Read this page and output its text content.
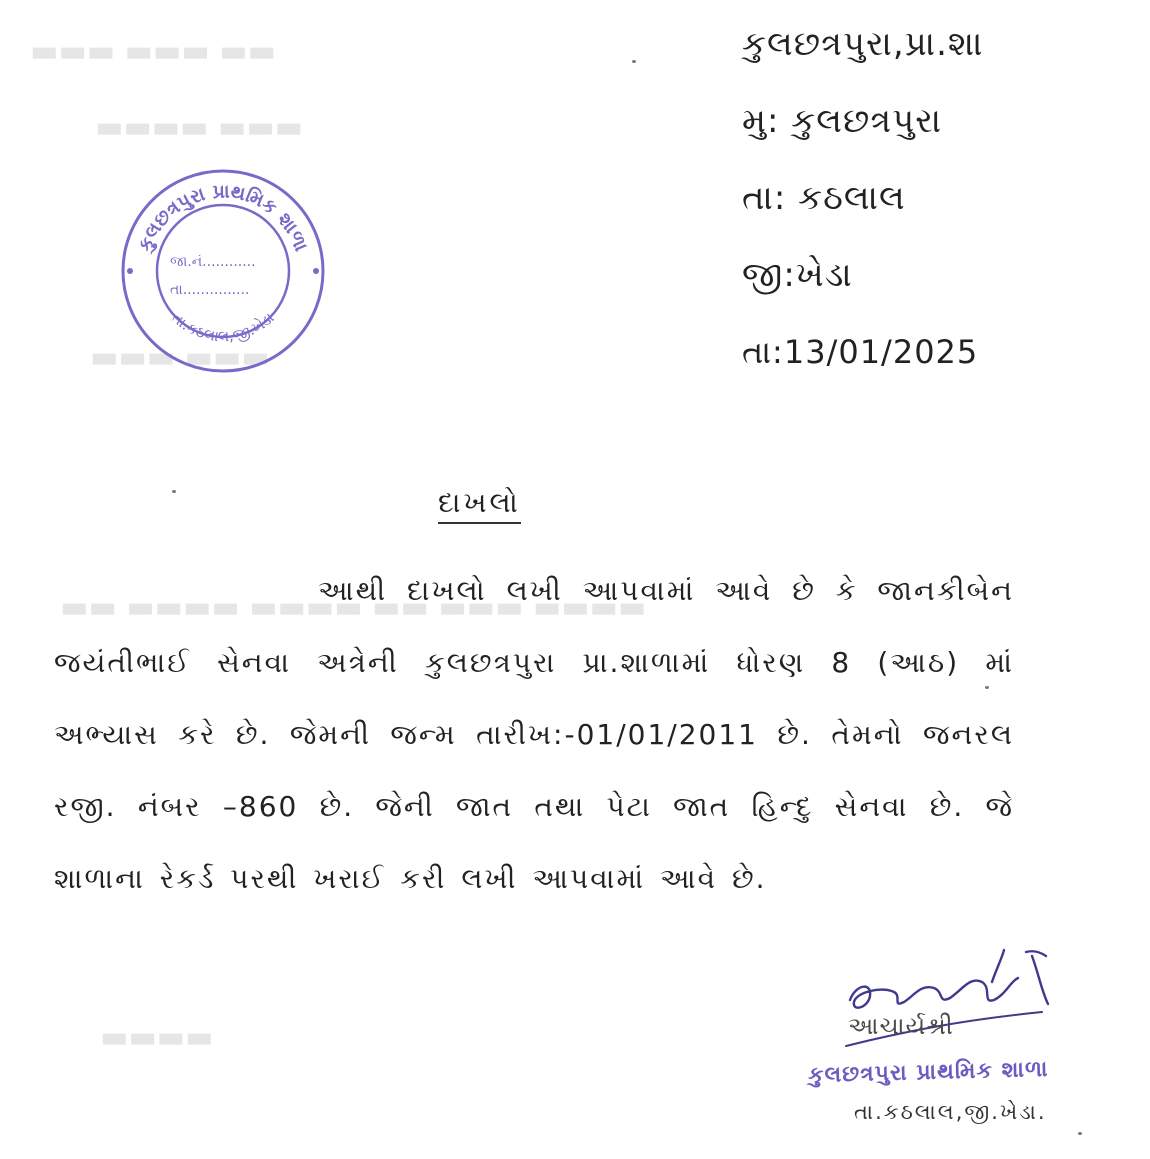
▬▬ ▬▬▬ ▬▬▬
▬▬▬ ▬▬▬▬
▬▬▬ ▬▬▬
▬▬▬▬ ▬▬▬ ▬▬ ▬▬▬▬ ▬▬▬▬ ▬▬
▬▬▬▬
કુલછત્રપુરા,પ્રા.શા
મુ: કુલછત્રપુરા
તા: કઠલાલ
જી:ખેડા
તા:13/01/2025
કુલછત્રપુરા પ્રાથમિક શાળા
તા.કઠલાલ,જી.ખેડા
જા.નં............
તા...............
દાખલો

આથી દાખલો લખી આપવામાં આવે છે કે જાનકીબેન

જયંતીભાઈ સેનવા અત્રેની કુલછત્રપુરા પ્રા.શાળામાં ધોરણ 8 (આઠ) માં

અભ્યાસ કરે છે. જેમની જન્મ તારીખ:-01/01/2011 છે. તેમનો જનરલ

રજી. નંબર –860 છે. જેની જાત તથા પેટા જાત હિન્દુ સેનવા છે. જે

શાળાના રેકર્ડ પરથી ખરાઈ કરી લખી આપવામાં આવે છે.

આચાર્યશ્રી
કુલછત્રપુરા પ્રાથમિક શાળા
તા.કઠલાલ,જી.ખેડા.
